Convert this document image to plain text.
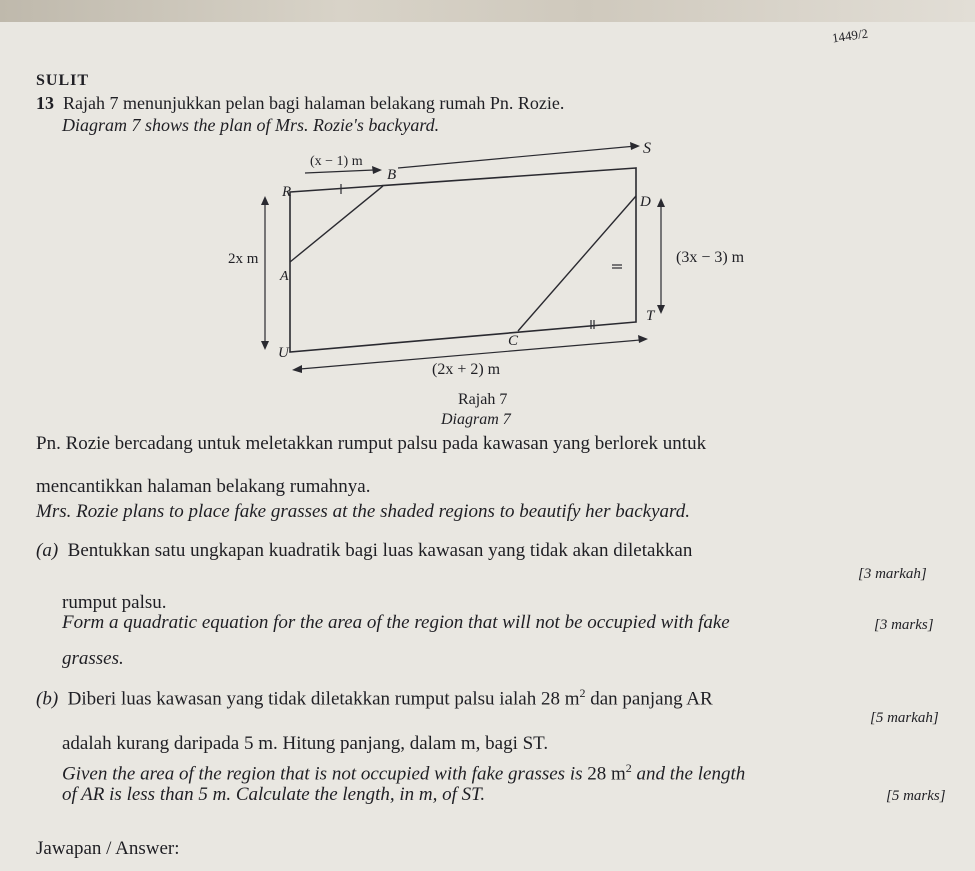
1449/2
SULIT
13 Rajah 7 menunjukkan pelan bagi halaman belakang rumah Pn. Rozie.
Diagram 7 shows the plan of Mrs. Rozie's backyard.
S
B
R
D
A
T
C
U
(x − 1) m
2x m	(3x − 3) m
(2x + 2) m
Rajah 7
Diagram 7
Pn. Rozie bercadang untuk meletakkan rumput palsu pada kawasan yang berlorek untuk
mencantikkan halaman belakang rumahnya.
Mrs. Rozie plans to place fake grasses at the shaded regions to beautify her backyard.
(a) Bentukkan satu ungkapan kuadratik bagi luas kawasan yang tidak akan diletakkan
[3 markah]
rumput palsu.
Form a quadratic equation for the area of the region that will not be occupied with fake	[3 marks]
grasses.
(b) Diberi luas kawasan yang tidak diletakkan rumput palsu ialah 28 $m^2$ dan panjang AR
[5 markah]
adalah kurang daripada 5 m. Hitung panjang, dalam m, bagi ST.
Given the area of the region that is not occupied with fake grasses is 28 $m^2$ and the length
[5 marks]
of AR is less than 5 m. Calculate the length, in m, of ST.
Jawapan / Answer:
